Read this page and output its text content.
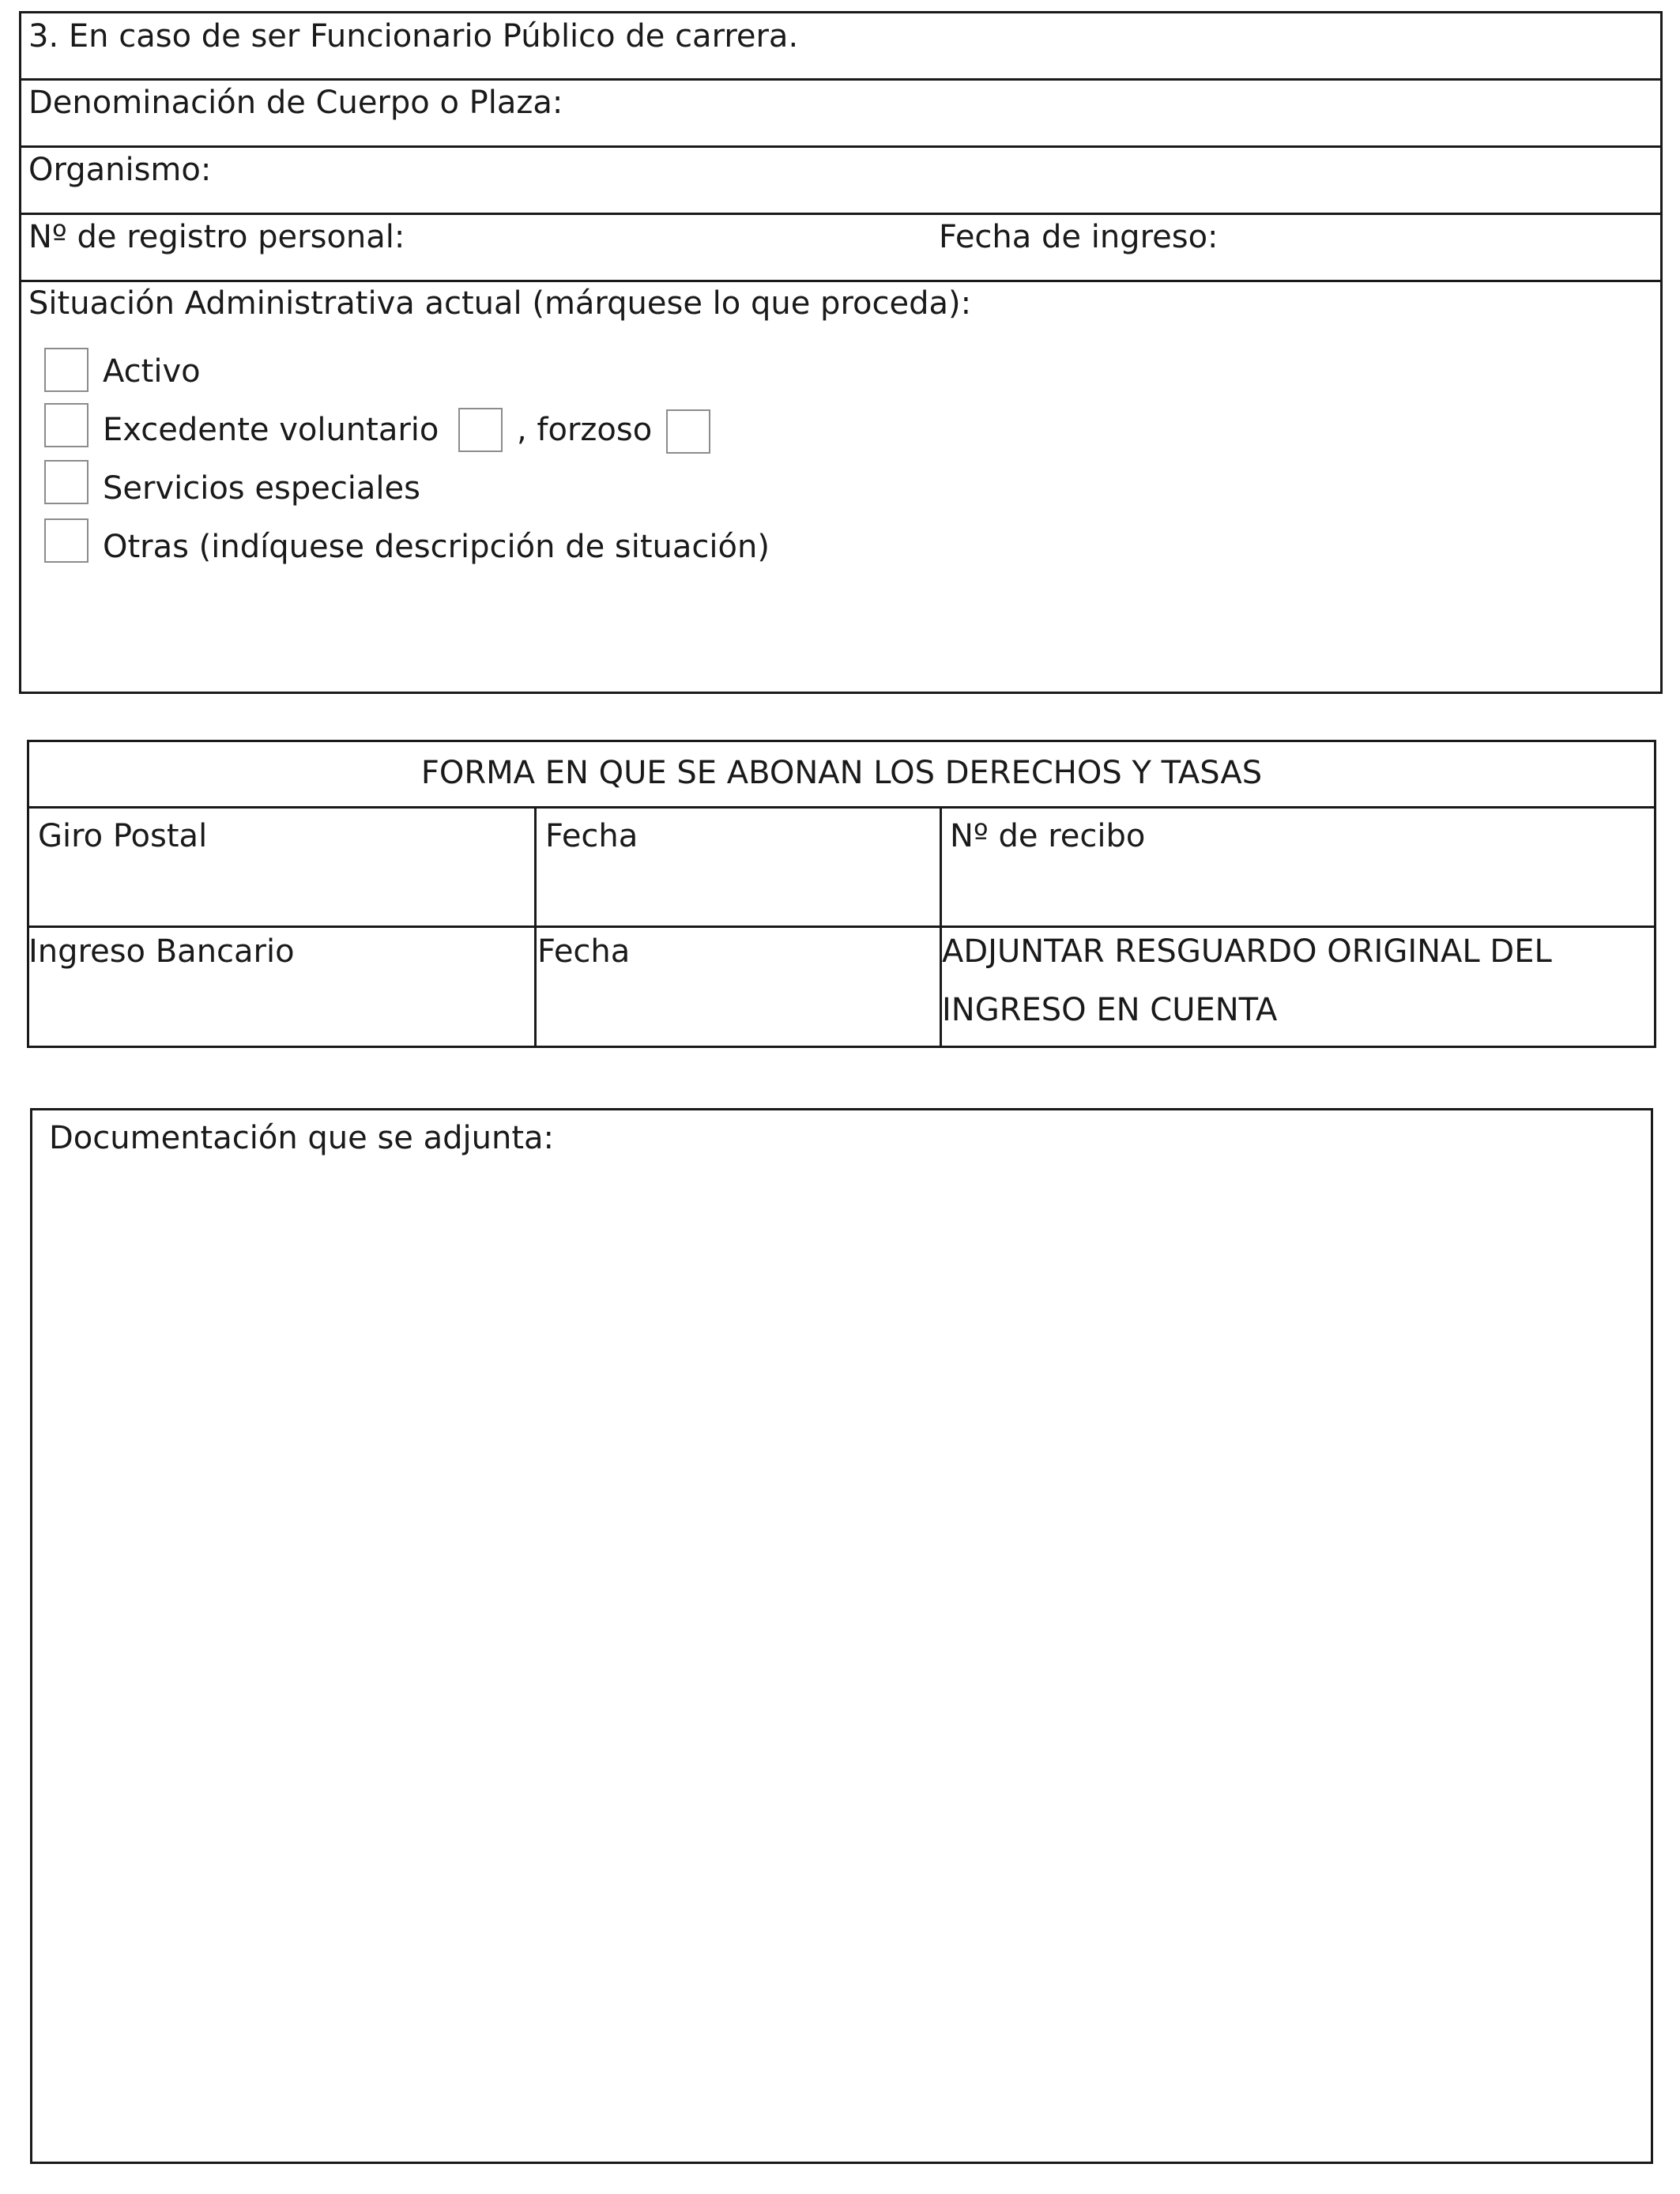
3. En caso de ser Funcionario Público de carrera.
Denominación de Cuerpo o Plaza:
Organismo:
Nº de registro personal:	Fecha de ingreso:
Situación Administrativa actual (márquese lo que proceda):
Activo
Excedente voluntario , forzoso
Servicios especiales
Otras (indíquese descripción de situación)
FORMA EN QUE SE ABONAN LOS DERECHOS Y TASAS
Giro Postal	Fecha	Nº de recibo
Ingreso Bancario	Fecha	ADJUNTAR RESGUARDO ORIGINAL DEL
INGRESO EN CUENTA
Documentación que se adjunta:
